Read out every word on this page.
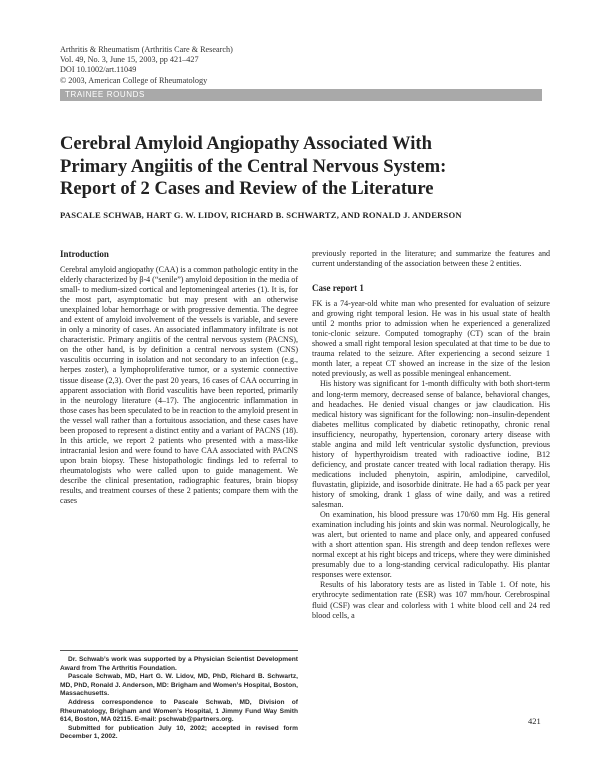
Arthritis & Rheumatism (Arthritis Care & Research)
Vol. 49, No. 3, June 15, 2003, pp 421–427
DOI 10.1002/art.11049
© 2003, American College of Rheumatology
TRAINEE ROUNDS
Cerebral Amyloid Angiopathy Associated With
Primary Angiitis of the Central Nervous System:
Report of 2 Cases and Review of the Literature
PASCALE SCHWAB, HART G. W. LIDOV, RICHARD B. SCHWARTZ, AND RONALD J. ANDERSON
Introduction

Cerebral amyloid angiopathy (CAA) is a common pathologic entity in the elderly characterized by β-4 (“senile”) amyloid deposition in the media of small- to medium-sized cortical and leptomeningeal arteries (1). It is, for the most part, asymptomatic but may present with an otherwise unexplained lobar hemorrhage or with progressive dementia. The degree and extent of amyloid involvement of the vessels is variable, and severe in only a minority of cases. An associated inflammatory infiltrate is not characteristic. Primary angiitis of the central nervous system (PACNS), on the other hand, is by definition a central nervous system (CNS) vasculitis occurring in isolation and not secondary to an infection (e.g., herpes zoster), a lymphoproliferative tumor, or a systemic connective tissue disease (2,3). Over the past 20 years, 16 cases of CAA occurring in apparent association with florid vasculitis have been reported, primarily in the neurology literature (4–17). The angiocentric inflammation in those cases has been speculated to be in reaction to the amyloid present in the vessel wall rather than a fortuitous association, and these cases have been proposed to represent a distinct entity and a variant of PACNS (18). In this article, we report 2 patients who presented with a mass-like intracranial lesion and were found to have CAA associated with PACNS upon brain biopsy. These histopathologic findings led to referral to rheumatologists who were called upon to guide management. We describe the clinical presentation, radiographic features, brain biopsy results, and treatment courses of these 2 patients; compare them with the cases

previously reported in the literature; and summarize the features and current understanding of the association between these 2 entities.

Case report 1

FK is a 74-year-old white man who presented for evaluation of seizure and growing right temporal lesion. He was in his usual state of health until 2 months prior to admission when he experienced a generalized tonic-clonic seizure. Computed tomography (CT) scan of the brain showed a small right temporal lesion speculated at that time to be due to trauma related to the seizure. After experiencing a second seizure 1 month later, a repeat CT showed an increase in the size of the lesion noted previously, as well as possible meningeal enhancement.

His history was significant for 1-month difficulty with both short-term and long-term memory, decreased sense of balance, behavioral changes, and headaches. He denied visual changes or jaw claudication. His medical history was significant for the following: non–insulin-dependent diabetes mellitus complicated by diabetic retinopathy, chronic renal insufficiency, neuropathy, hypertension, coronary artery disease with stable angina and mild left ventricular systolic dysfunction, previous history of hyperthyroidism treated with radioactive iodine, B12 deficiency, and prostate cancer treated with local radiation therapy. His medications included phenytoin, aspirin, amlodipine, carvedilol, fluvastatin, glipizide, and isosorbide dinitrate. He had a 65 pack per year history of smoking, drank 1 glass of wine daily, and was a retired salesman.

On examination, his blood pressure was 170/60 mm Hg. His general examination including his joints and skin was normal. Neurologically, he was alert, but oriented to name and place only, and appeared confused with a short attention span. His strength and deep tendon reflexes were normal except at his right biceps and triceps, where they were diminished presumably due to a long-standing cervical radiculopathy. His plantar responses were extensor.

Results of his laboratory tests are as listed in Table 1. Of note, his erythrocyte sedimentation rate (ESR) was 107 mm/hour. Cerebrospinal fluid (CSF) was clear and colorless with 1 white blood cell and 24 red blood cells, a

Dr. Schwab’s work was supported by a Physician Scientist Development Award from The Arthritis Foundation.

Pascale Schwab, MD, Hart G. W. Lidov, MD, PhD, Richard B. Schwartz, MD, PhD, Ronald J. Anderson, MD: Brigham and Women’s Hospital, Boston, Massachusetts.

Address correspondence to Pascale Schwab, MD, Division of Rheumatology, Brigham and Women’s Hospital, 1 Jimmy Fund Way Smith 614, Boston, MA 02115. E-mail: pschwab@partners.org.

Submitted for publication July 10, 2002; accepted in revised form December 1, 2002.

421
